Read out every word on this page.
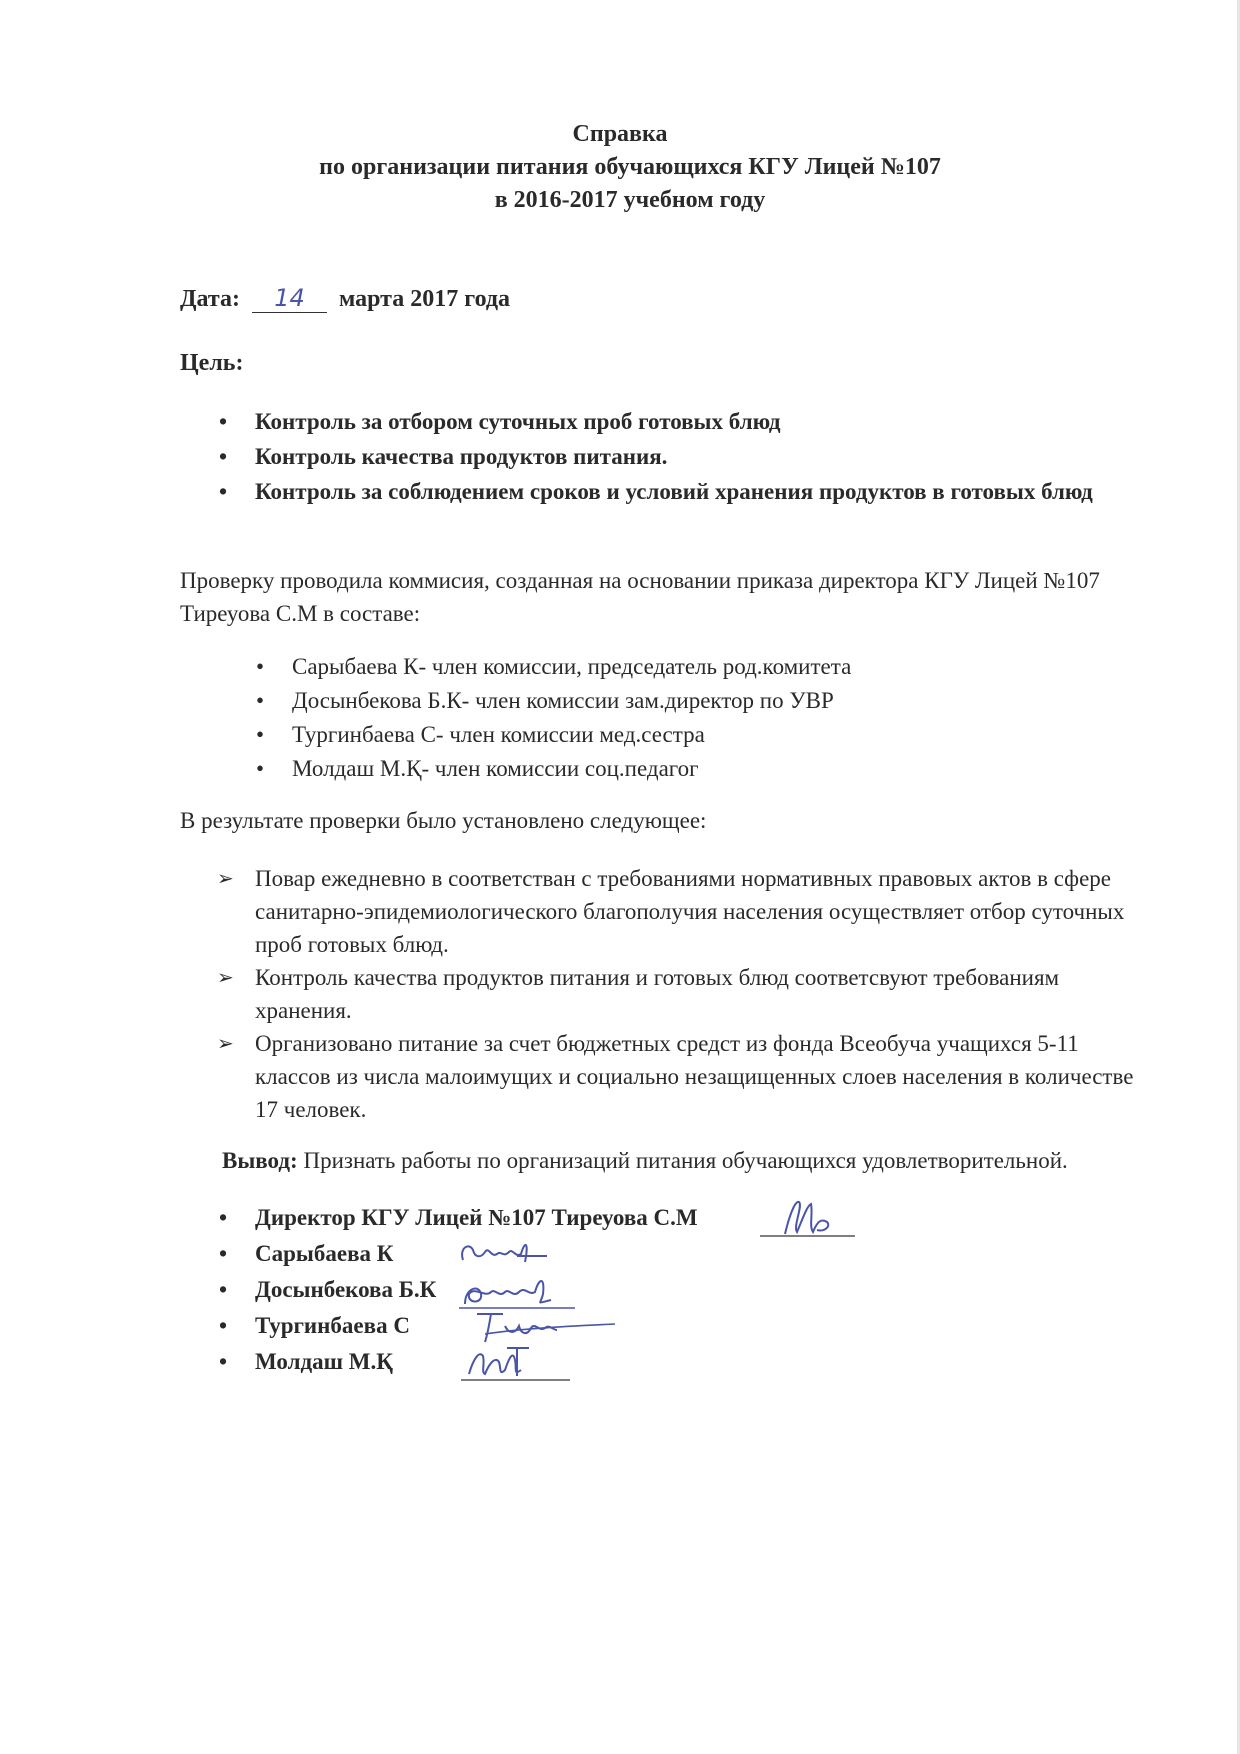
Справка
по организации питания обучающихся КГУ Лицей №107
в 2016-2017 учебном году
Дата: 14 марта 2017 года
Цель:
• Контроль за отбором суточных проб готовых блюд
• Контроль качества продуктов питания.
• Контроль за соблюдением сроков и условий хранения продуктов в готовых блюд
Проверку проводила коммисия, созданная на основании приказа директора КГУ Лицей №107 Тиреуова С.М в составе:
• Сарыбаева К- член комиссии, председатель род.комитета
• Досынбекова Б.К- член комиссии зам.директор по УВР
• Тургинбаева С- член комиссии мед.сестра
• Молдаш М.Қ- член комиссии соц.педагог
В результате проверки было установлено следующее:
➢ Повар ежедневно в соответстван с требованиями нормативных правовых актов в сфере санитарно-эпидемиологического благополучия населения осуществляет отбор суточных проб готовых блюд.
➢ Контроль качества продуктов питания и готовых блюд соответсвуют требованиям хранения.
➢ Организовано питание за счет бюджетных средст из фонда Всеобуча учащихся 5-11 классов из числа малоимущих и социально незащищенных слоев населения в количестве 17 человек.
Вывод: Признать работы по организаций питания обучающихся удовлетворительной.
• Директор КГУ Лицей №107 Тиреуова С.М
• Сарыбаева К
• Досынбекова Б.К
• Тургинбаева С
• Молдаш М.Қ
